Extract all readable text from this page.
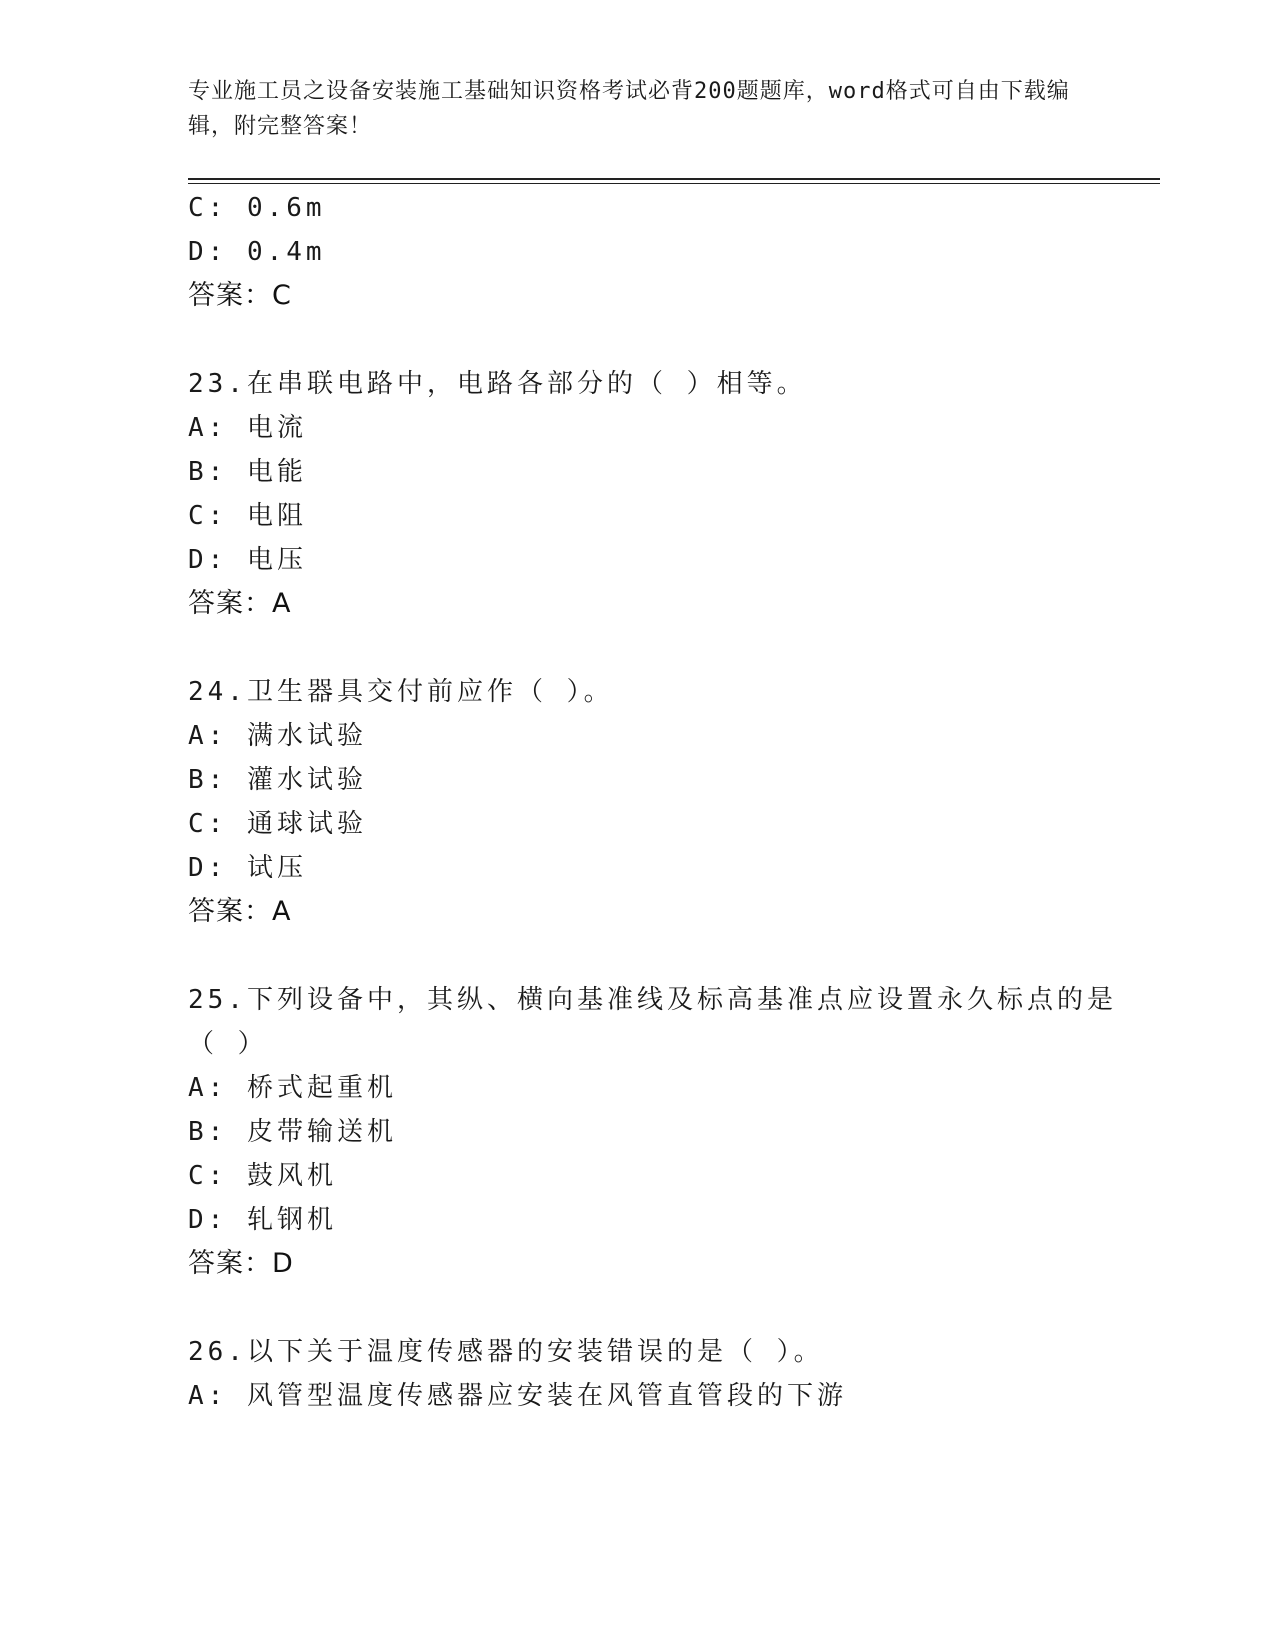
专业施工员之设备安装施工基础知识资格考试必背200题题库，word格式可自由下载编辑，附完整答案！
C: 0.6m
D: 0.4m
答案：C
23.在串联电路中，电路各部分的（ ）相等。
A: 电流
B: 电能
C: 电阻
D: 电压
答案：A
24.卫生器具交付前应作（ ）。
A: 满水试验
B: 灌水试验
C: 通球试验
D: 试压
答案：A
25.下列设备中，其纵、横向基准线及标高基准点应设置永久标点的是
（ ）
A: 桥式起重机
B: 皮带输送机
C: 鼓风机
D: 轧钢机
答案：D
26.以下关于温度传感器的安装错误的是（ ）。
A: 风管型温度传感器应安装在风管直管段的下游
